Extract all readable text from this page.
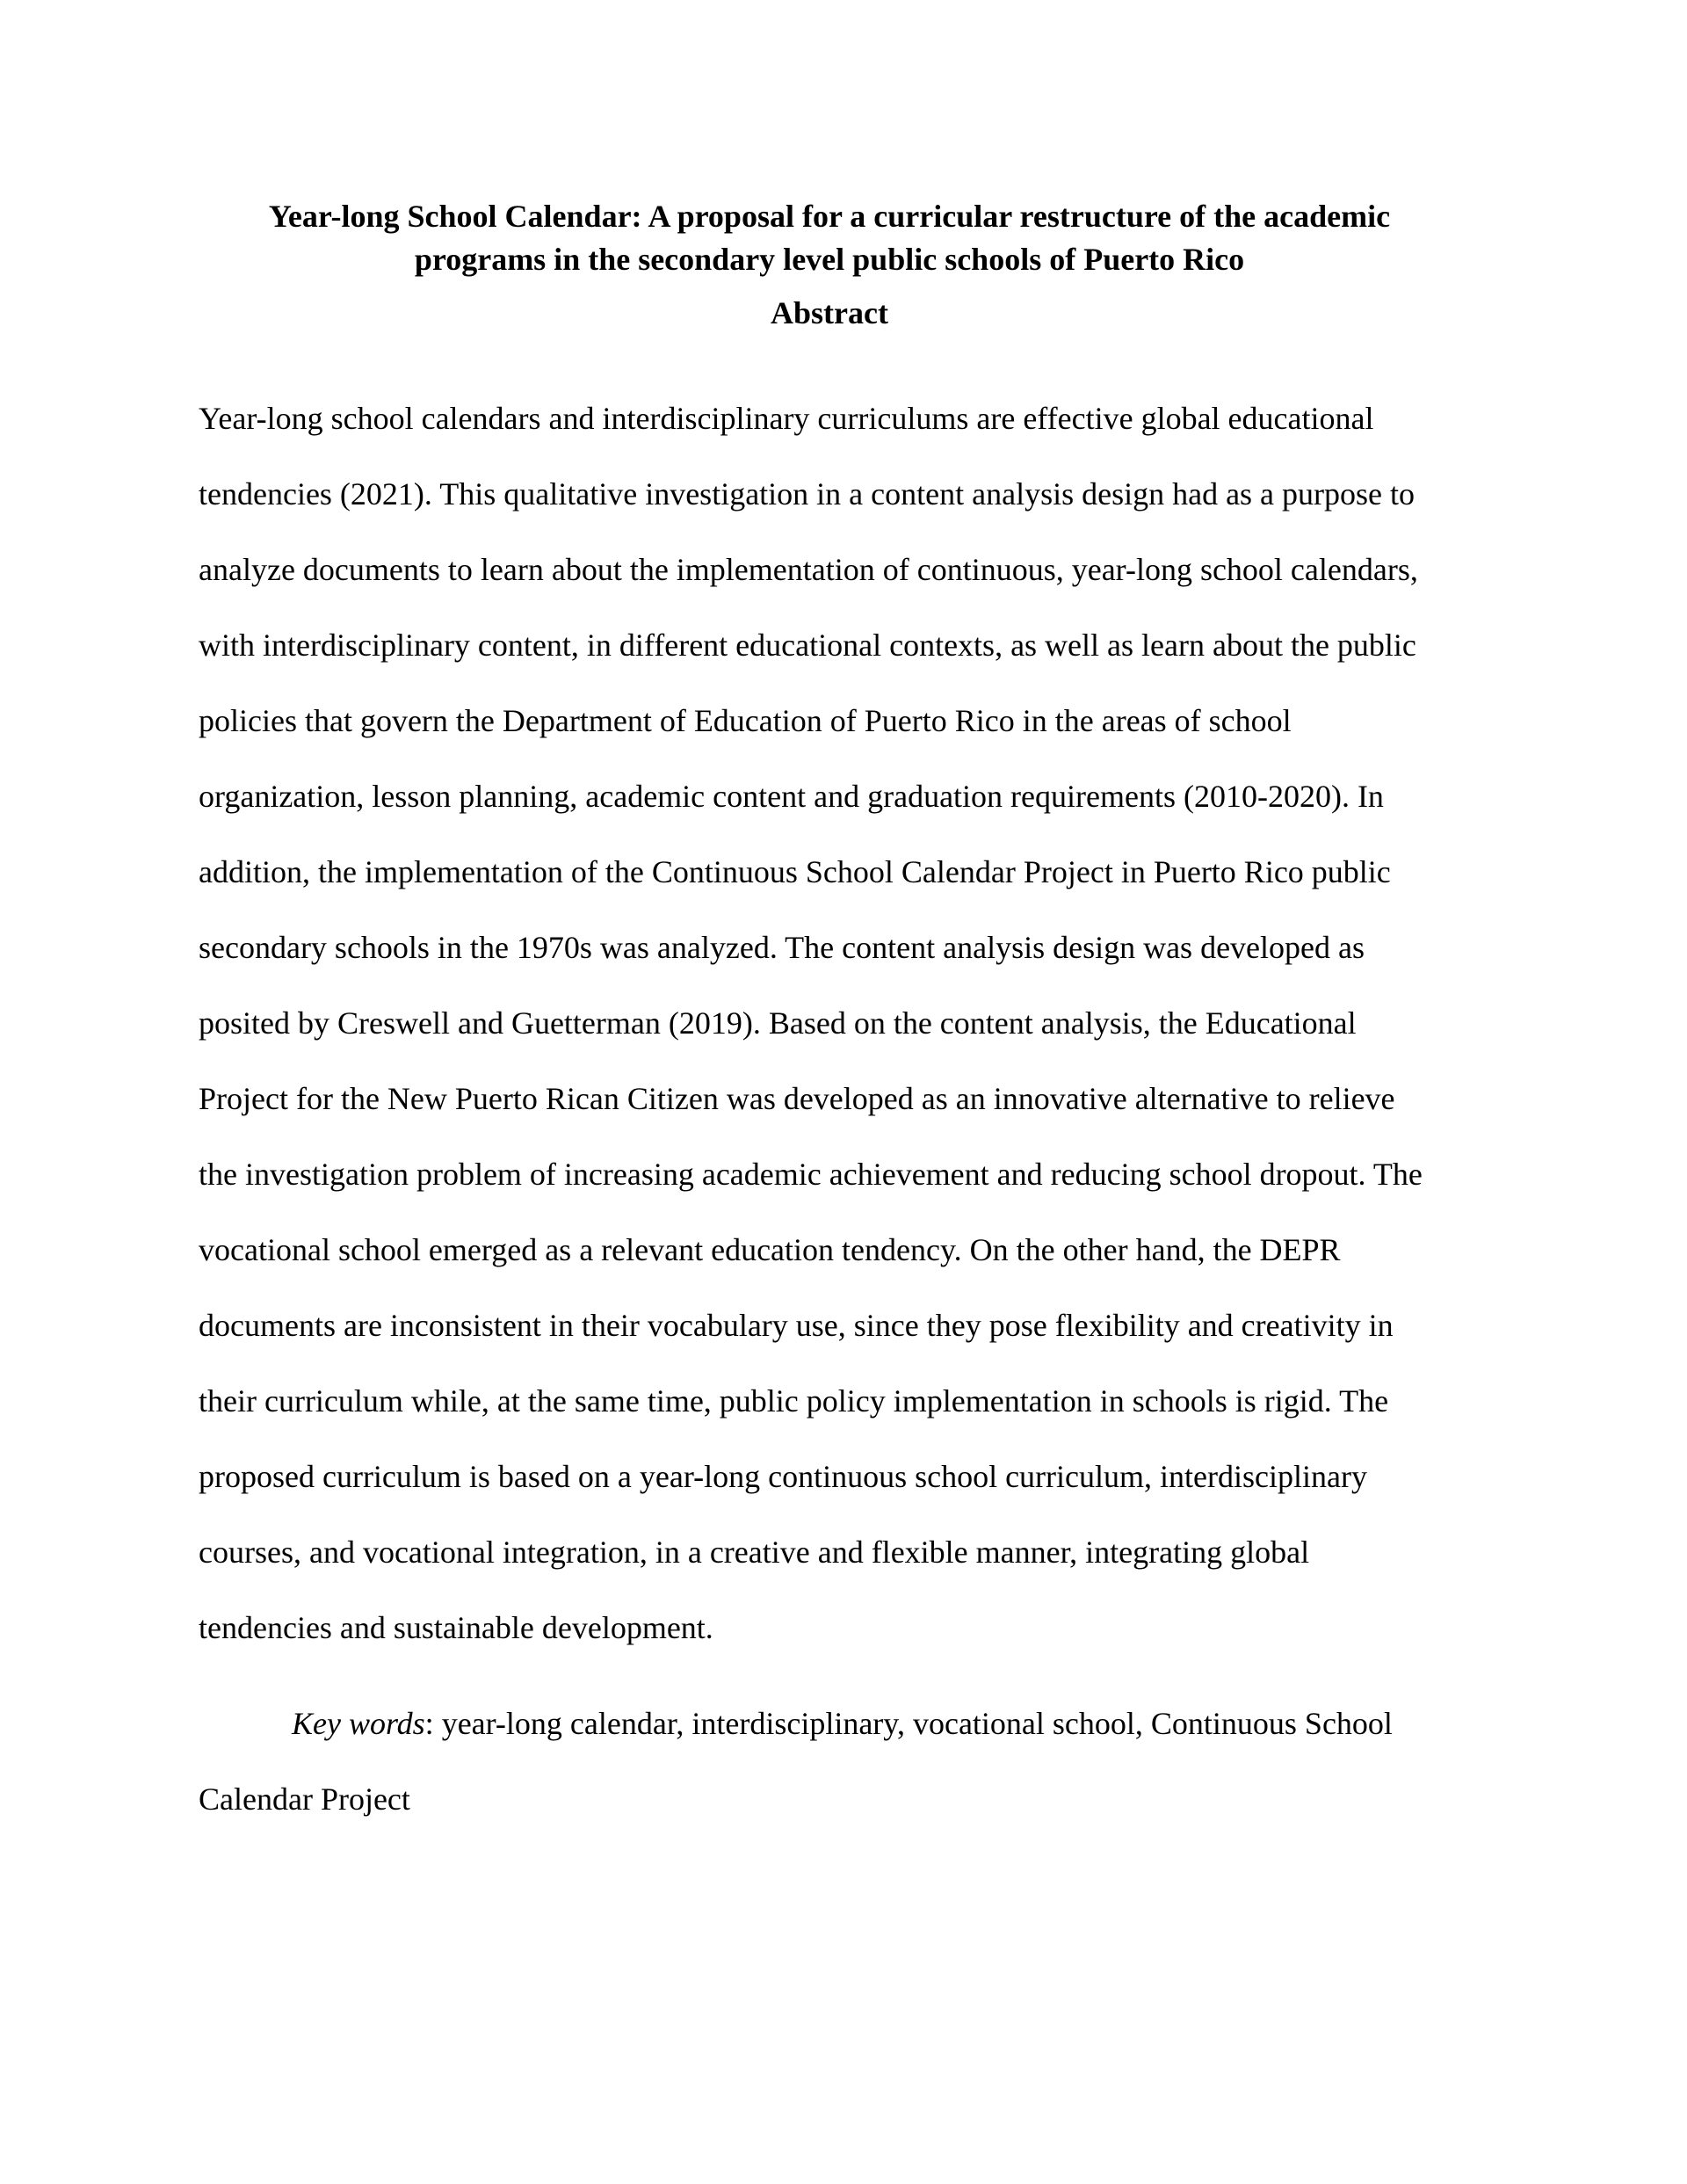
Year-long School Calendar: A proposal for a curricular restructure of the academic
programs in the secondary level public schools of Puerto Rico
Abstract

Year-long school calendars and interdisciplinary curriculums are effective global educational

tendencies (2021). This qualitative investigation in a content analysis design had as a purpose to

analyze documents to learn about the implementation of continuous, year-long school calendars,

with interdisciplinary content, in different educational contexts, as well as learn about the public

policies that govern the Department of Education of Puerto Rico in the areas of school

organization, lesson planning, academic content and graduation requirements (2010-2020). In

addition, the implementation of the Continuous School Calendar Project in Puerto Rico public

secondary schools in the 1970s was analyzed. The content analysis design was developed as

posited by Creswell and Guetterman (2019). Based on the content analysis, the Educational

Project for the New Puerto Rican Citizen was developed as an innovative alternative to relieve

the investigation problem of increasing academic achievement and reducing school dropout. The

vocational school emerged as a relevant education tendency. On the other hand, the DEPR

documents are inconsistent in their vocabulary use, since they pose flexibility and creativity in

their curriculum while, at the same time, public policy implementation in schools is rigid. The

proposed curriculum is based on a year-long continuous school curriculum, interdisciplinary

courses, and vocational integration, in a creative and flexible manner, integrating global

tendencies and sustainable development.

Key words: year-long calendar, interdisciplinary, vocational school, Continuous School

Calendar Project
